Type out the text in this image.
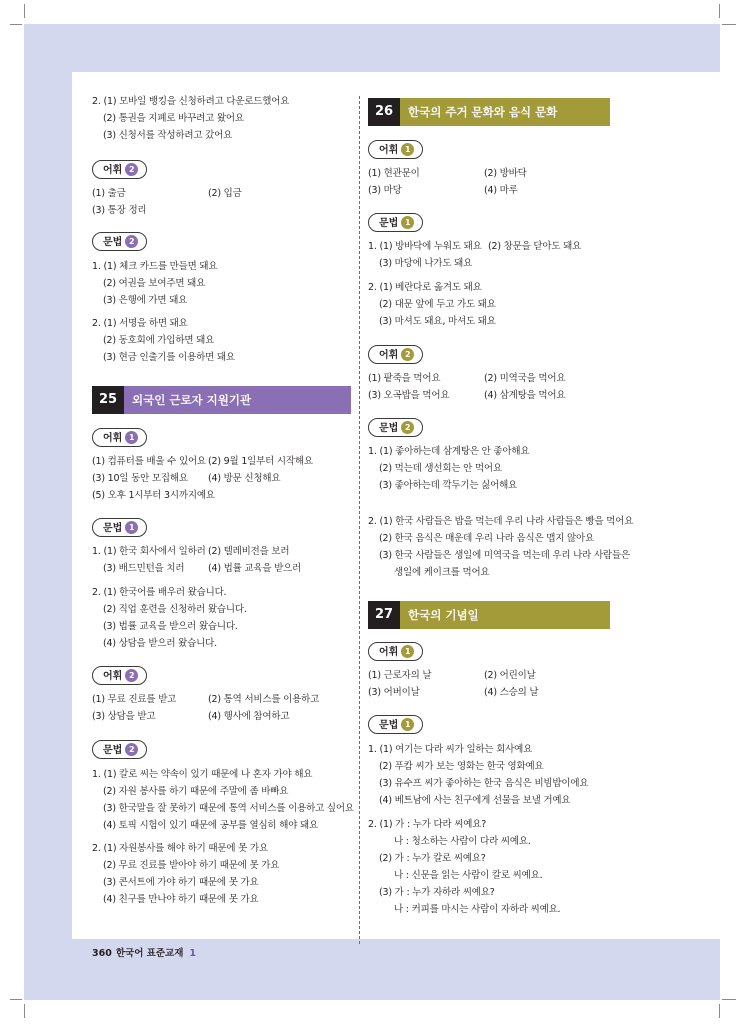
2. (1) 모바일 뱅킹을 신청하려고 다운로드했어요
(2) 통권을 지폐로 바꾸려고 왔어요
(3) 신청서를 작성하려고 갔어요
어휘 2
(1) 출금	(2) 입금
(3) 통장 정리
문법 2
1. (1) 체크 카드를 만들면 돼요
(2) 여권을 보여주면 돼요
(3) 은행에 가면 돼요
2. (1) 서명을 하면 돼요
(2) 동호회에 가입하면 돼요
(3) 현금 인출기를 이용하면 돼요
25	외국인 근로자 지원기관
어휘 1
(1) 컴퓨터를 배울 수 있어요 (2) 9월 1일부터 시작해요
(3) 10일 동안 모집해요 (4) 방문 신청해요
(5) 오후 1시부터 3시까지예요
문법 1
1. (1) 한국 회사에서 일하러 (2) 텔레비전을 보러
(3) 배드민턴을 치러 (4) 법률 교육을 받으러
2. (1) 한국어를 배우러 왔습니다.
(2) 직업 훈련을 신청하러 왔습니다.
(3) 법률 교육을 받으러 왔습니다.
(4) 상담을 받으러 왔습니다.
어휘 2
(1) 무료 진료를 받고	(2) 통역 서비스를 이용하고
(3) 상담을 받고	(4) 행사에 참여하고
문법 2
1. (1) 칼로 씨는 약속이 있기 때문에 나 혼자 가야 해요
(2) 자원 봉사를 하기 때문에 주말에 좀 바빠요
(3) 한국말을 잘 못하기 때문에 통역 서비스를 이용하고 싶어요
(4) 토픽 시험이 있기 때문에 공부를 열심히 해야 돼요
2. (1) 자원봉사를 해야 하기 때문에 못 가요
(2) 무료 진료를 받아야 하기 때문에 못 가요
(3) 콘서트에 가야 하기 때문에 못 가요
(4) 친구를 만나야 하기 때문에 못 가요
26	한국의 주거 문화와 음식 문화
어휘 1
(1) 현관문이	(2) 방바닥
(3) 마당	(4) 마루
문법 1
1. (1) 방바닥에 누워도 돼요 (2) 창문을 닫아도 돼요
(3) 마당에 나가도 돼요
2. (1) 베란다로 옮겨도 돼요
(2) 대문 앞에 두고 가도 돼요
(3) 마셔도 돼요, 마셔도 돼요
어휘 2
(1) 팥죽을 먹어요	(2) 미역국을 먹어요
(3) 오곡밥을 먹어요	(4) 삼계탕을 먹어요
문법 2
1. (1) 좋아하는데 삼계탕은 안 좋아해요
(2) 먹는데 생선회는 안 먹어요
(3) 좋아하는데 깍두기는 싫어해요
2. (1) 한국 사람들은 밥을 먹는데 우리 나라 사람들은 빵을 먹어요
(2) 한국 음식은 매운데 우리 나라 음식은 맵지 않아요
(3) 한국 사람들은 생일에 미역국을 먹는데 우리 나라 사람들은
생일에 케이크를 먹어요
27	한국의 기념일
어휘 1
(1) 근로자의 날	(2) 어린이날
(3) 어버이날	(4) 스승의 날
문법 1
1. (1) 여기는 다라 씨가 일하는 회사예요
(2) 푸캄 씨가 보는 영화는 한국 영화예요
(3) 유수프 씨가 좋아하는 한국 음식은 비빔밥이에요
(4) 베트남에 사는 친구에게 선물을 보낼 거예요
2. (1) 가 : 누가 다라 씨예요?
나 : 청소하는 사람이 다라 씨예요.
(2) 가 : 누가 칼로 씨예요?
나 : 신문을 읽는 사람이 칼로 씨예요.
(3) 가 : 누가 자하라 씨예요?
나 : 커피를 마시는 사람이 자하라 씨예요.
360 한국어 표준교재 1
